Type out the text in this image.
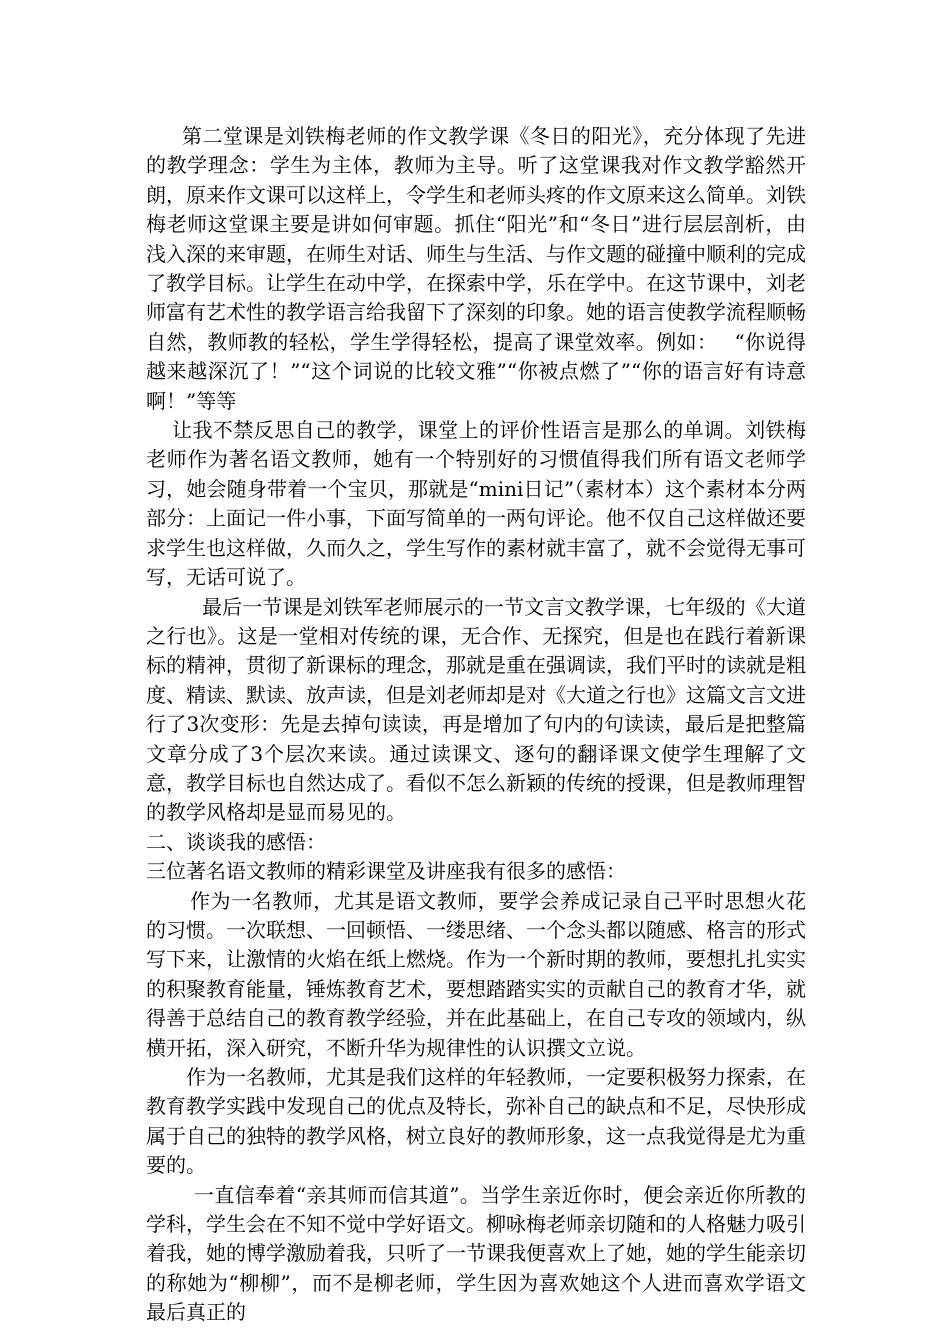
第二堂课是刘铁梅老师的作文教学课《冬日的阳光》，充分体现了先进的教学理念：学生为主体，教师为主导。听了这堂课我对作文教学豁然开朗，原来作文课可以这样上，令学生和老师头疼的作文原来这么简单。刘铁梅老师这堂课主要是讲如何审题。抓住“阳光”和“冬日”进行层层剖析，由浅入深的来审题，在师生对话、师生与生活、与作文题的碰撞中顺利的完成了教学目标。让学生在动中学，在探索中学，乐在学中。在这节课中，刘老师富有艺术性的教学语言给我留下了深刻的印象。她的语言使教学流程顺畅自然，教师教的轻松，学生学得轻松，提高了课堂效率。例如：　 “你说得越来越深沉了！”“这个词说的比较文雅”“你被点燃了”“你的语言好有诗意啊！”等等

让我不禁反思自己的教学，课堂上的评价性语言是那么的单调。刘铁梅老师作为著名语文教师，她有一个特别好的习惯值得我们所有语文老师学习，她会随身带着一个宝贝，那就是“mini日记”（素材本）这个素材本分两部分：上面记一件小事，下面写简单的一两句评论。他不仅自己这样做还要求学生也这样做，久而久之，学生写作的素材就丰富了，就不会觉得无事可写，无话可说了。

最后一节课是刘铁军老师展示的一节文言文教学课，七年级的《大道之行也》。这是一堂相对传统的课，无合作、无探究，但是也在践行着新课标的精神，贯彻了新课标的理念，那就是重在强调读，我们平时的读就是粗度、精读、默读、放声读，但是刘老师却是对《大道之行也》这篇文言文进行了3次变形：先是去掉句读读，再是增加了句内的句读读，最后是把整篇文章分成了3个层次来读。通过读课文、逐句的翻译课文使学生理解了文意，教学目标也自然达成了。看似不怎么新颖的传统的授课，但是教师理智的教学风格却是显而易见的。

二、谈谈我的感悟：

三位著名语文教师的精彩课堂及讲座我有很多的感悟：

作为一名教师，尤其是语文教师，要学会养成记录自己平时思想火花的习惯。一次联想、一回顿悟、一缕思绪、一个念头都以随感、格言的形式写下来，让激情的火焰在纸上燃烧。作为一个新时期的教师，要想扎扎实实的积聚教育能量，锤炼教育艺术，要想踏踏实实的贡献自己的教育才华，就得善于总结自己的教育教学经验，并在此基础上，在自己专攻的领域内，纵横开拓，深入研究，不断升华为规律性的认识撰文立说。

作为一名教师，尤其是我们这样的年轻教师，一定要积极努力探索，在教育教学实践中发现自己的优点及特长，弥补自己的缺点和不足，尽快形成属于自己的独特的教学风格，树立良好的教师形象，这一点我觉得是尤为重要的。

一直信奉着“亲其师而信其道”。当学生亲近你时，便会亲近你所教的学科，学生会在不知不觉中学好语文。柳咏梅老师亲切随和的人格魅力吸引着我，她的博学激励着我，只听了一节课我便喜欢上了她，她的学生能亲切的称她为“柳柳”，而不是柳老师，学生因为喜欢她这个人进而喜欢学语文最后真正的
